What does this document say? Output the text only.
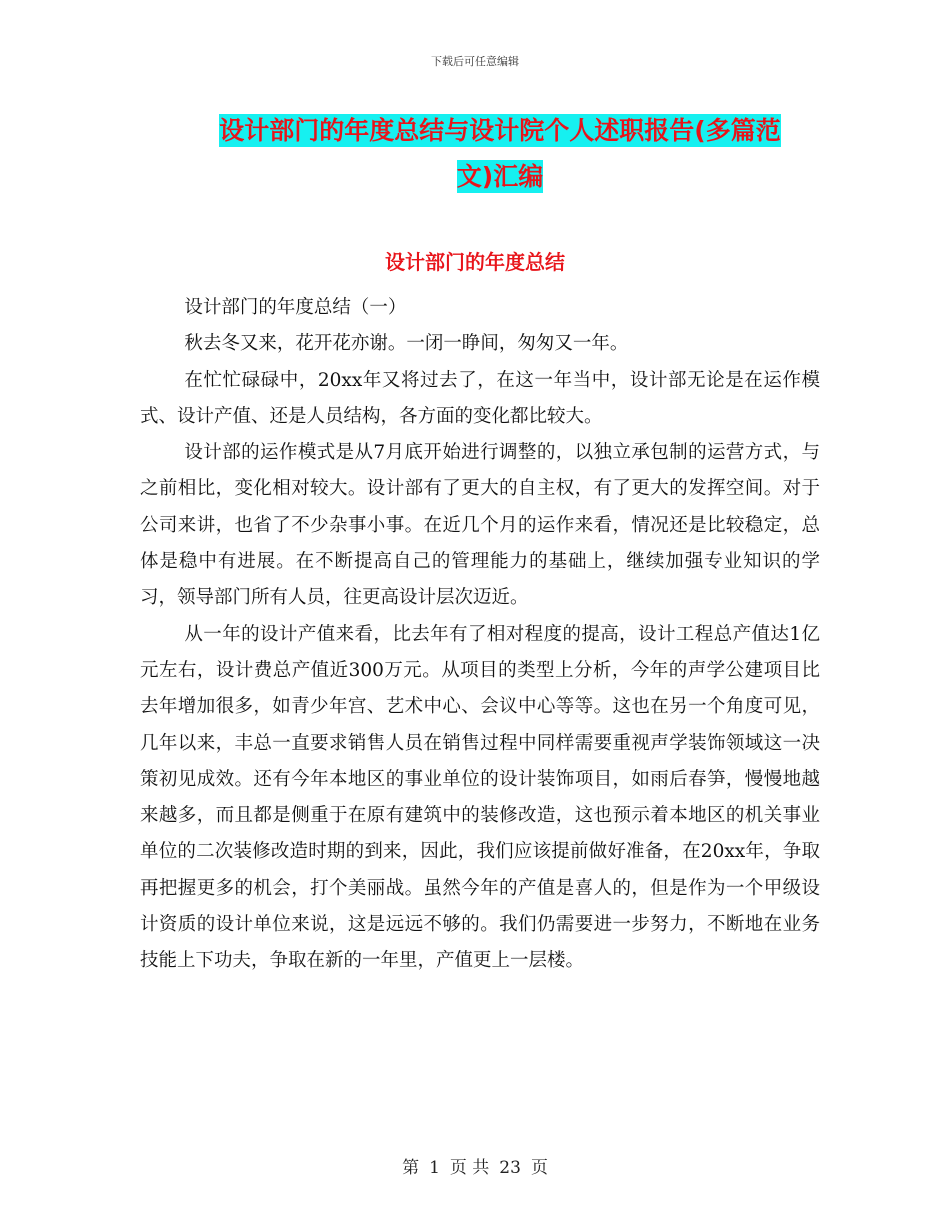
下载后可任意编辑
设计部门的年度总结与设计院个人述职报告(多篇范
文)汇编
设计部门的年度总结

设计部门的年度总结（一）

秋去冬又来，花开花亦谢。一闭一睁间，匆匆又一年。

在忙忙碌碌中，20xx年又将过去了，在这一年当中，设计部无论是在运作模式、设计产值、还是人员结构，各方面的变化都比较大。

设计部的运作模式是从7月底开始进行调整的，以独立承包制的运营方式，与之前相比，变化相对较大。设计部有了更大的自主权，有了更大的发挥空间。对于公司来讲，也省了不少杂事小事。在近几个月的运作来看，情况还是比较稳定，总体是稳中有进展。在不断提高自己的管理能力的基础上，继续加强专业知识的学习，领导部门所有人员，往更高设计层次迈近。

从一年的设计产值来看，比去年有了相对程度的提高，设计工程总产值达1亿元左右，设计费总产值近300万元。从项目的类型上分析，今年的声学公建项目比去年增加很多，如青少年宫、艺术中心、会议中心等等。这也在另一个角度可见，几年以来，丰总一直要求销售人员在销售过程中同样需要重视声学装饰领域这一决策初见成效。还有今年本地区的事业单位的设计装饰项目，如雨后春笋，慢慢地越来越多，而且都是侧重于在原有建筑中的装修改造，这也预示着本地区的机关事业单位的二次装修改造时期的到来，因此，我们应该提前做好准备，在20xx年，争取再把握更多的机会，打个美丽战。虽然今年的产值是喜人的，但是作为一个甲级设计资质的设计单位来说，这是远远不够的。我们仍需要进一步努力，不断地在业务技能上下功夫，争取在新的一年里，产值更上一层楼。

第 1 页 共 23 页
